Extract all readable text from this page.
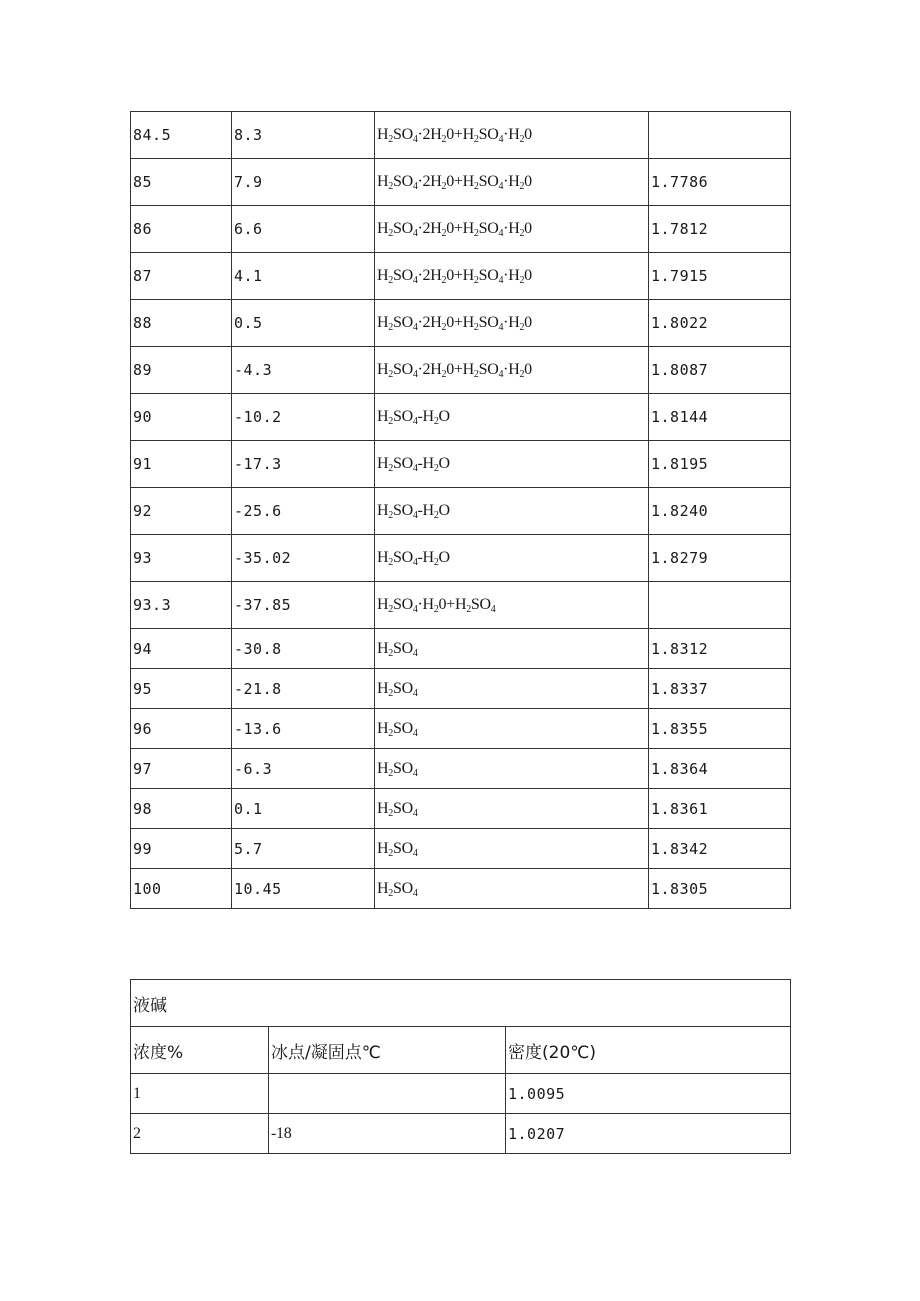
84.5	8.3	$H_2SO_4\cdot 2H_20+H_2SO_4\cdot H_20$	
85	7.9	$H_2SO_4\cdot 2H_20+H_2SO_4\cdot H_20$	1.7786
86	6.6	$H_2SO_4\cdot 2H_20+H_2SO_4\cdot H_20$	1.7812
87	4.1	$H_2SO_4\cdot 2H_20+H_2SO_4\cdot H_20$	1.7915
88	0.5	$H_2SO_4\cdot 2H_20+H_2SO_4\cdot H_20$	1.8022
89	-4.3	$H_2SO_4\cdot 2H_20+H_2SO_4\cdot H_20$	1.8087
90	-10.2	$H_2SO_4-H_2O$	1.8144
91	-17.3	$H_2SO_4-H_2O$	1.8195
92	-25.6	$H_2SO_4-H_2O$	1.8240
93	-35.02	$H_2SO_4-H_2O$	1.8279
93.3	-37.85	$H_2SO_4\cdot H_20+H_2SO_4$	
94	-30.8	$H_2SO_4$	1.8312
95	-21.8	$H_2SO_4$	1.8337
96	-13.6	$H_2SO_4$	1.8355
97	-6.3	$H_2SO_4$	1.8364
98	0.1	$H_2SO_4$	1.8361
99	5.7	$H_2SO_4$	1.8342
100	10.45	$H_2SO_4$	1.8305
液碱		
浓度%	冰点/凝固点℃	密度(20℃)
1		1.0095
2	-18	1.0207
